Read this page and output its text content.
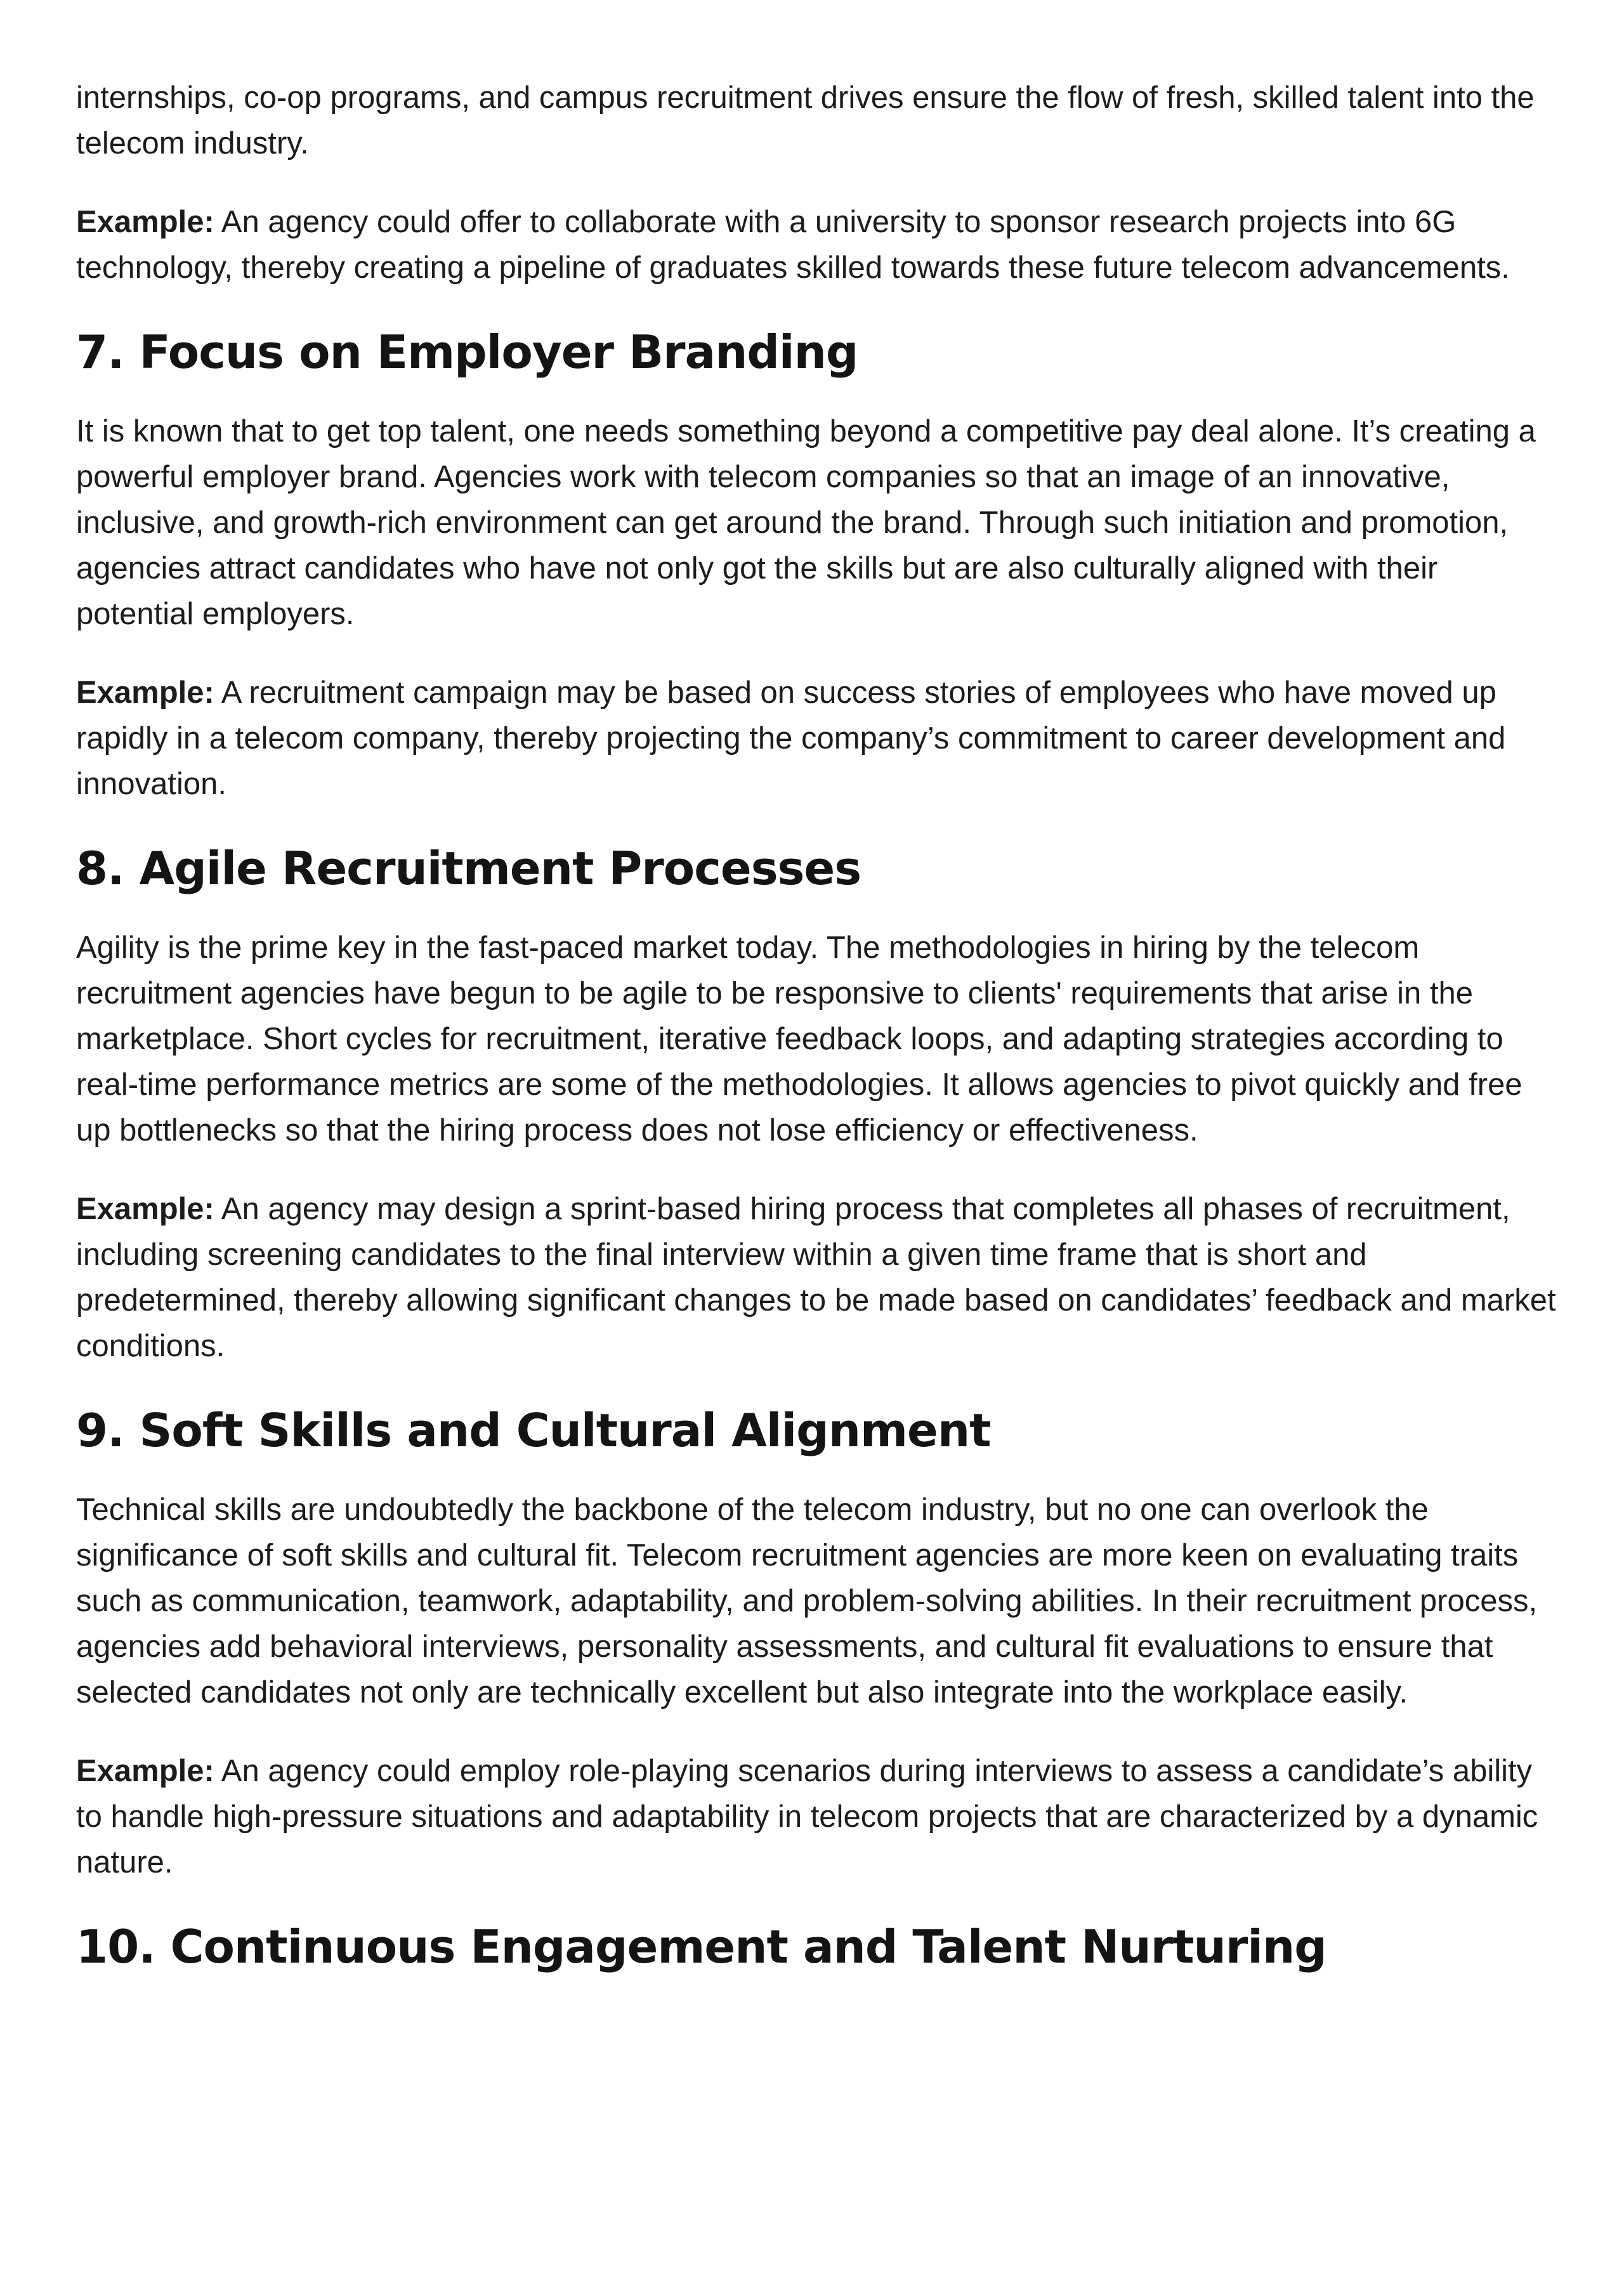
internships, co-op programs, and campus recruitment drives ensure the flow of fresh, skilled talent into the telecom industry.

Example: An agency could offer to collaborate with a university to sponsor research projects into 6G technology, thereby creating a pipeline of graduates skilled towards these future telecom advancements.

7. Focus on Employer Branding

It is known that to get top talent, one needs something beyond a competitive pay deal alone. It’s creating a powerful employer brand. Agencies work with telecom companies so that an image of an innovative, inclusive, and growth-rich environment can get around the brand. Through such initiation and promotion, agencies attract candidates who have not only got the skills but are also culturally aligned with their potential employers.

Example: A recruitment campaign may be based on success stories of employees who have moved up rapidly in a telecom company, thereby projecting the company’s commitment to career development and innovation.

8. Agile Recruitment Processes

Agility is the prime key in the fast-paced market today. The methodologies in hiring by the telecom recruitment agencies have begun to be agile to be responsive to clients' requirements that arise in the marketplace. Short cycles for recruitment, iterative feedback loops, and adapting strategies according to real-time performance metrics are some of the methodologies. It allows agencies to pivot quickly and free up bottlenecks so that the hiring process does not lose efficiency or effectiveness.

Example: An agency may design a sprint-based hiring process that completes all phases of recruitment, including screening candidates to the final interview within a given time frame that is short and predetermined, thereby allowing significant changes to be made based on candidates’ feedback and market conditions.

9. Soft Skills and Cultural Alignment

Technical skills are undoubtedly the backbone of the telecom industry, but no one can overlook the significance of soft skills and cultural fit. Telecom recruitment agencies are more keen on evaluating traits such as communication, teamwork, adaptability, and problem-solving abilities. In their recruitment process, agencies add behavioral interviews, personality assessments, and cultural fit evaluations to ensure that selected candidates not only are technically excellent but also integrate into the workplace easily.

Example: An agency could employ role-playing scenarios during interviews to assess a candidate’s ability to handle high-pressure situations and adaptability in telecom projects that are characterized by a dynamic nature.

10. Continuous Engagement and Talent Nurturing
